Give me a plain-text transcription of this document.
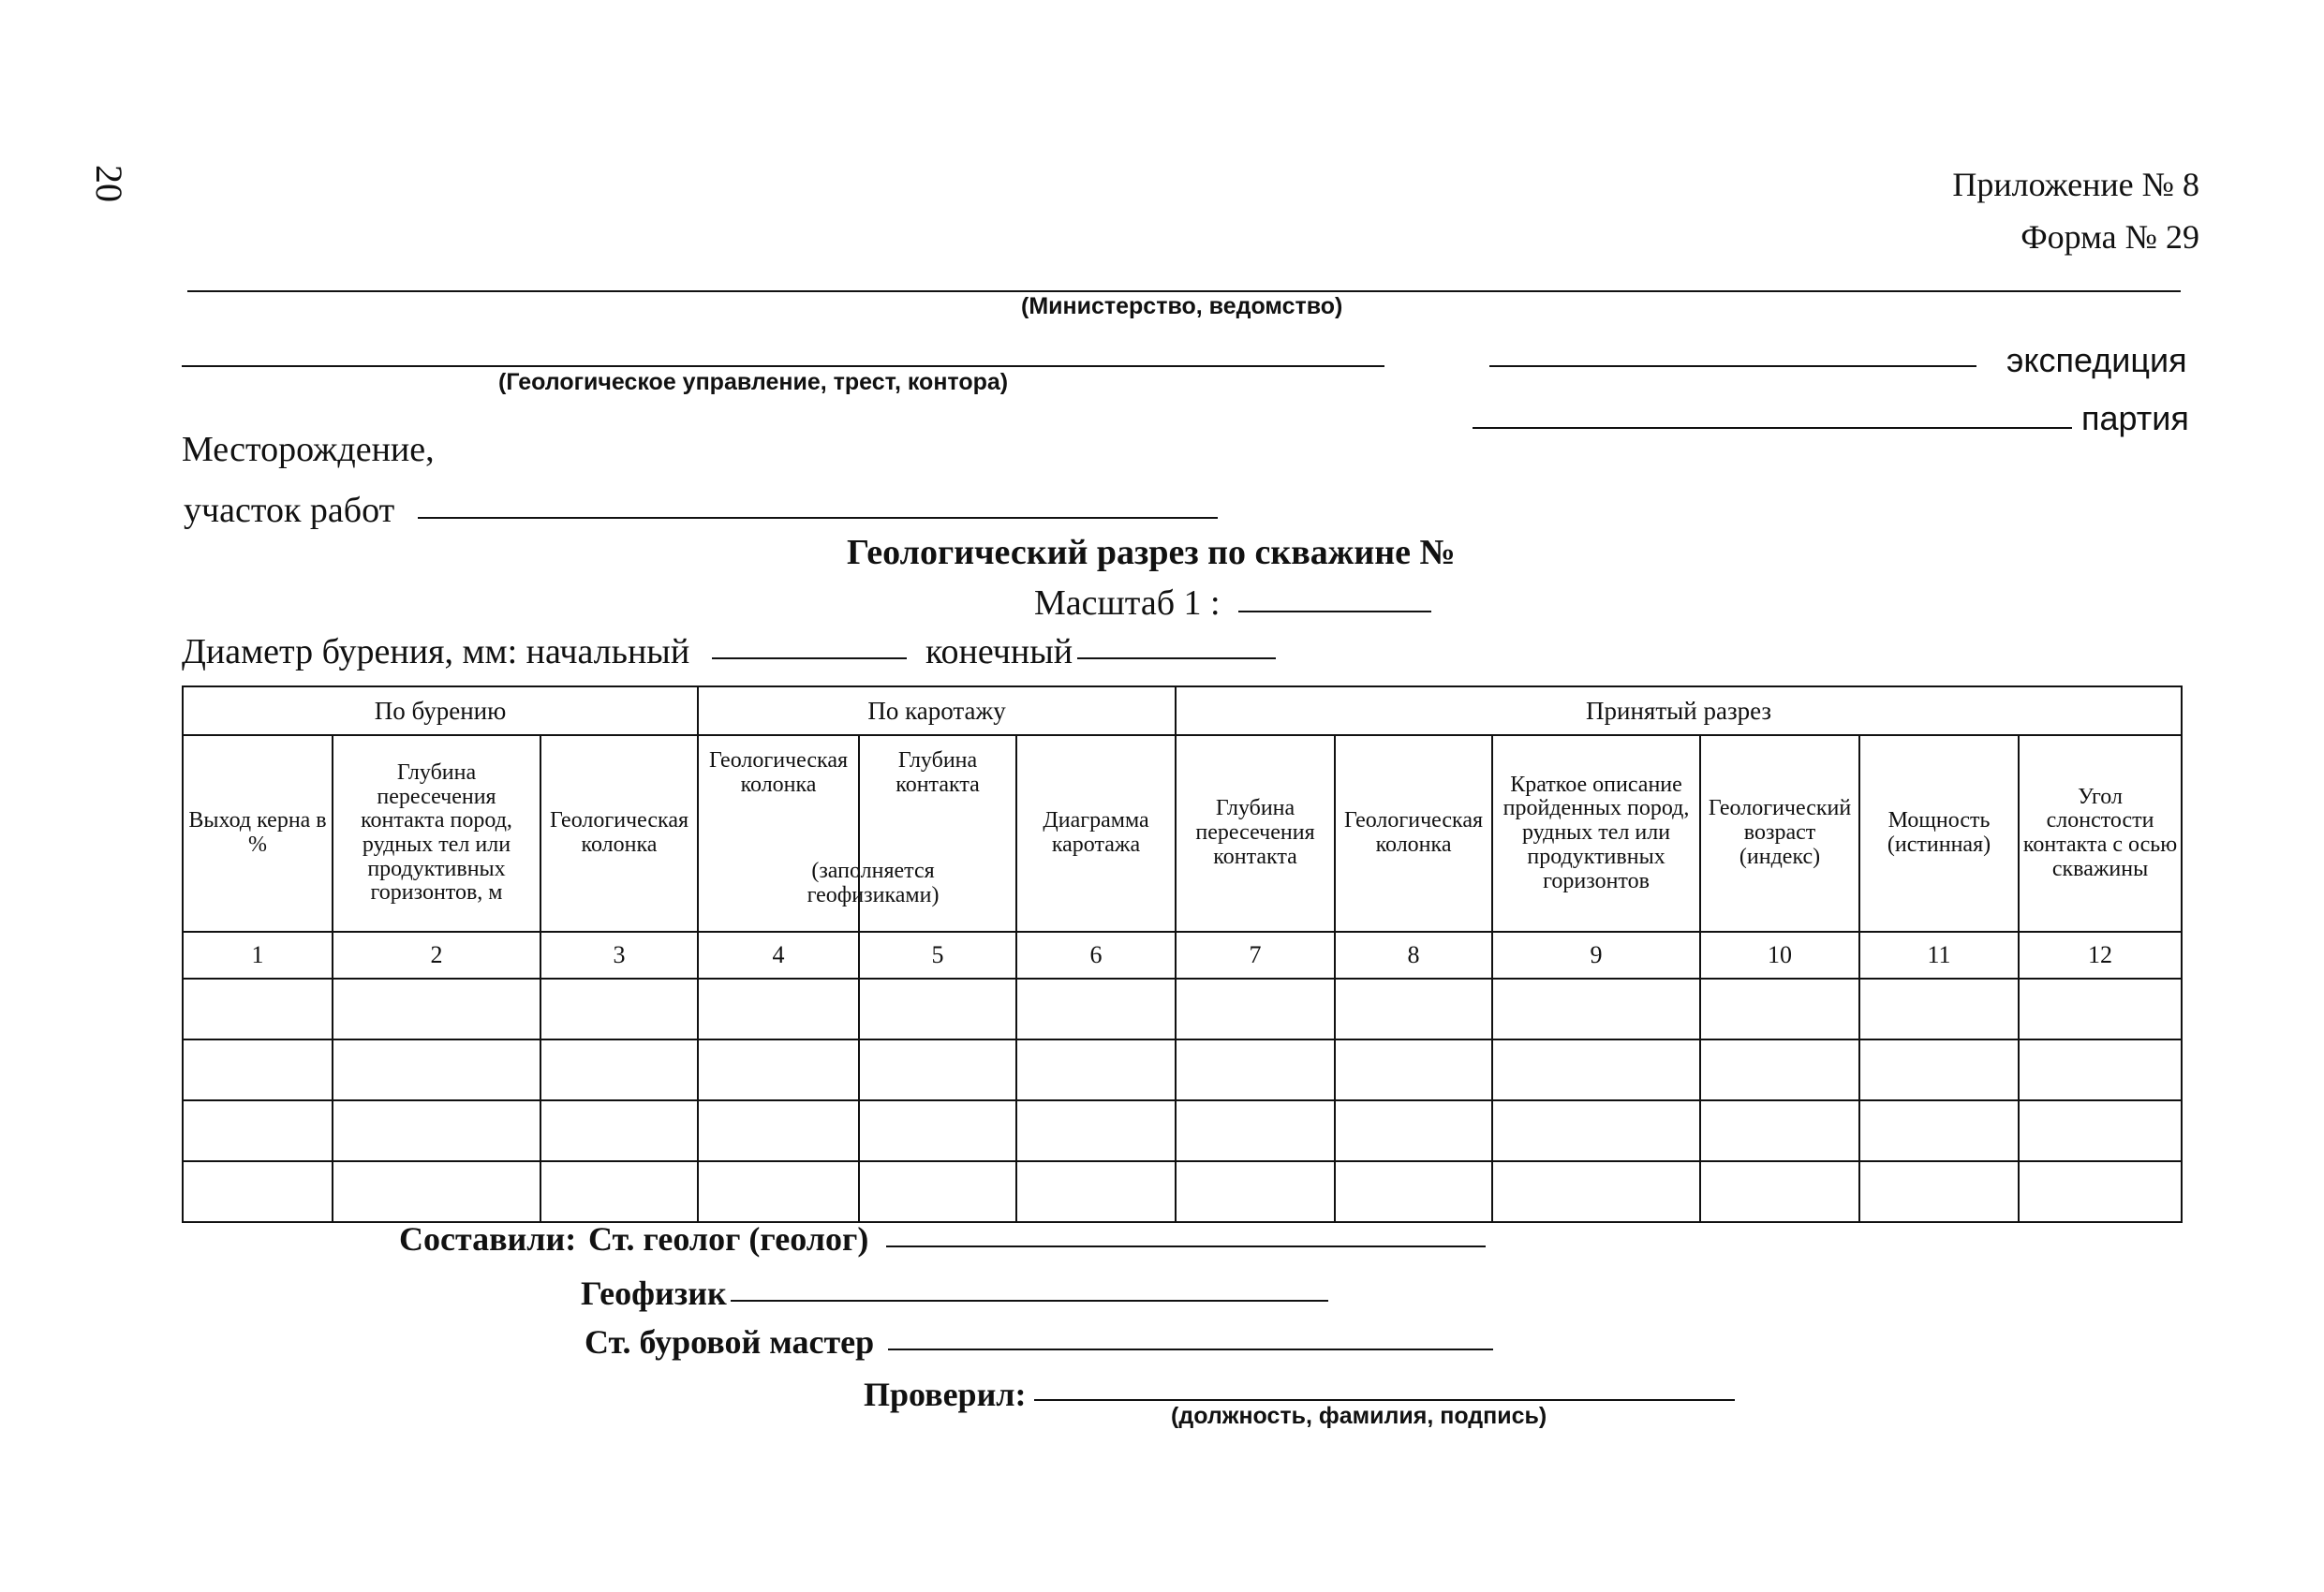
20	Приложение № 8
Форма № 29
(Министерство, ведомство)
(Геологическое управление, трест, контора)
экспедиция
партия
Месторождение,
участок работ
Геологический разрез по скважине №
Масштаб 1 :
Диаметр бурения, мм: начальный	конечный
По бурению			По каротажу			Принятый разрез					
Выход керна в %	Глубина пересечения контакта пород, рудных тел или продуктивных горизонтов, м	Геологическая колонка	Геологическая колонка	Глубина контакта	Диаграмма каротажа	Глубина пересечения контакта	Геологическая колонка	Краткое описание пройденных пород, рудных тел или продуктивных горизонтов	Геологический возраст (индекс)	Мощность (истинная)	Угол слонстости контакта с осью скважины
1	2	3	4	5	6	7	8	9	10	11	12

(заполняется геофизиками)
Составили: Ст. геолог (геолог)
Геофизик
Ст. буровой мастер
Проверил:
(должность, фамилия, подпись)
